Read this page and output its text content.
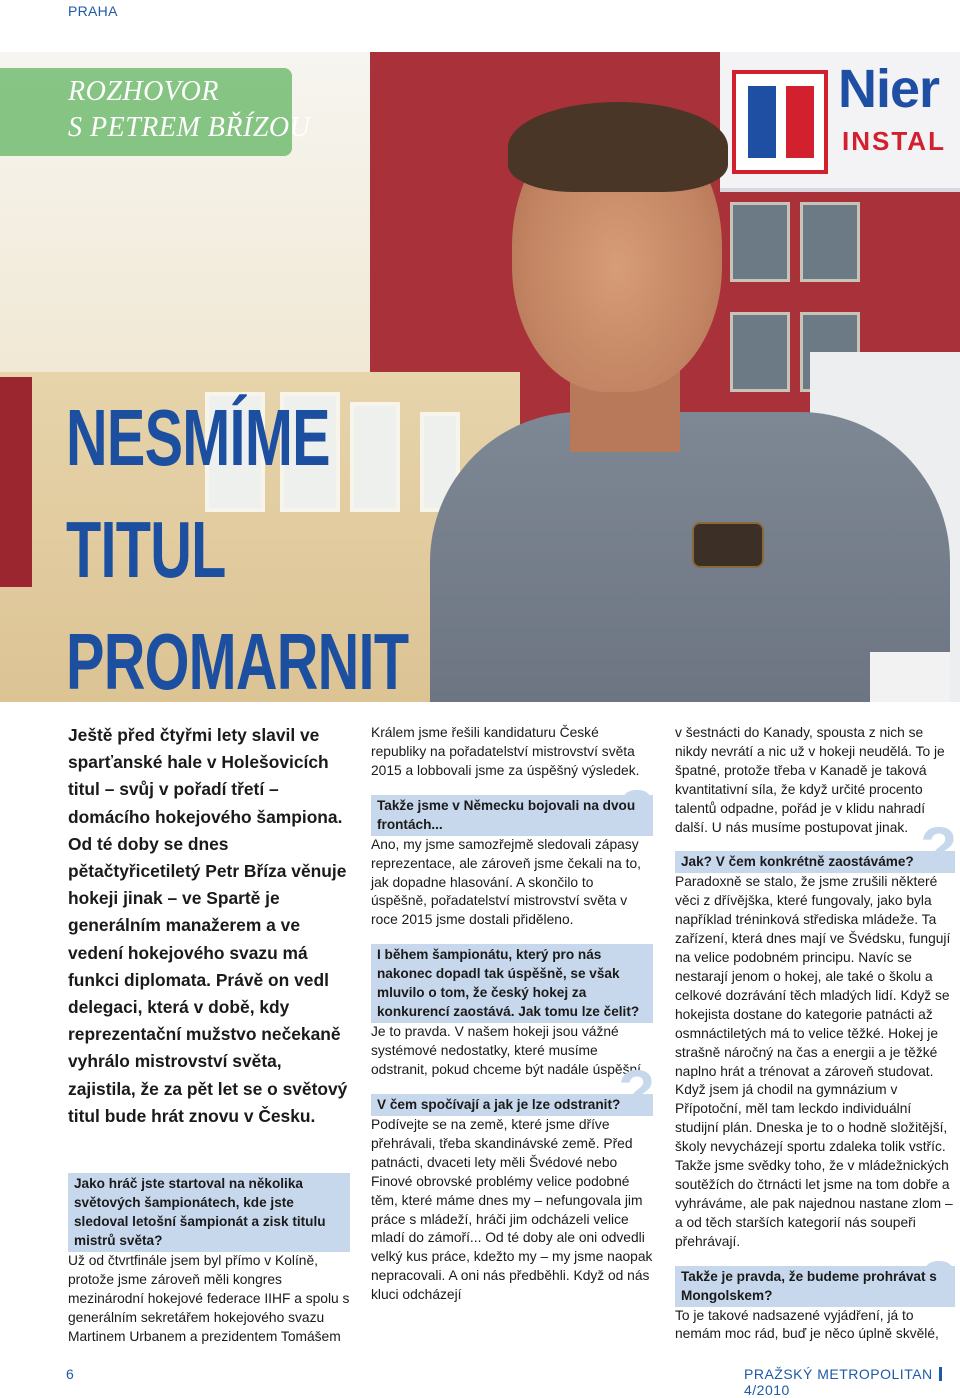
PRAHA
Nier
INSTAL
ROZHOVOR
S PETREM BŘÍZOU
NESMÍME
TITUL
PROMARNIT
Ještě před čtyřmi lety slavil ve sparťanské hale v Holešovicích titul – svůj v pořadí třetí – domácího hokejového šampiona. Od té doby se dnes pětačtyřicetiletý Petr Bříza věnuje hokeji jinak – ve Spartě je generálním manažerem a ve vedení hokejového svazu má funkci diplomata. Právě on vedl delegaci, která v době, kdy reprezentační mužstvo nečekaně vyhrálo mistrovství světa, zajistila, že za pět let se o světový titul bude hrát znovu v Česku.
Jako hráč jste startoval na několika světových šampionátech, kde jste sledoval letošní šampionát a zisk titulu mistrů světa?	?

Už od čtvrtfinále jsem byl přímo v Kolíně, protože jsme zároveň měli kongres mezinárodní hokejové federace IIHF a spolu s generálním sekretářem hokejového svazu Martinem Urbanem a prezidentem Tomášem

Králem jsme řešili kandidaturu České republiky na pořadatelství mistrovství světa 2015 a lobbovali jsme za úspěšný výsledek.

Takže jsme v Německu bojovali na dvou frontách...	?

Ano, my jsme samozřejmě sledovali zápasy reprezentace, ale zároveň jsme čekali na to, jak dopadne hlasování. A skončilo to úspěšně, pořadatelství mistrovství světa v roce 2015 jsme dostali přiděleno.

I během šampionátu, který pro nás nakonec dopadl tak úspěšně, se však mluvilo o tom, že český hokej za konkurencí zaostává. Jak tomu lze čelit?
?

Je to pravda. V našem hokeji jsou vážné systémové nedostatky, které musíme odstranit, pokud chceme být nadále úspěšní.

V čem spočívají a jak je lze odstranit?
?

Podívejte se na země, které jsme dříve přehrávali, třeba skandinávské země. Před patnácti, dvaceti lety měli Švédové nebo Finové obrovské problémy velice podobné těm, které máme dnes my – nefungovala jim práce s mládeží, hráči jim odcházeli velice mladí do zámoří... Od té doby ale oni odvedli velký kus práce, kdežto my – my jsme naopak nepracovali. A oni nás předběhli. Když od nás kluci odcházejí

v šestnácti do Kanady, spousta z nich se nikdy nevrátí a nic už v hokeji neudělá. To je špatné, protože třeba v Kanadě je taková kvantitativní síla, že když určité procento talentů odpadne, pořád je v klidu nahradí další. U nás musíme postupovat jinak.

Jak? V čem konkrétně zaostáváme? ?

Paradoxně se stalo, že jsme zrušili některé věci z dřívějška, které fungovaly, jako byla například tréninková střediska mládeže. Ta zařízení, která dnes mají ve Švédsku, fungují na velice podobném principu. Navíc se nestarají jenom o hokej, ale také o školu a celkové dozrávání těch mladých lidí. Když se hokejista dostane do kategorie patnácti až osmnáctiletých má to velice těžké. Hokej je strašně náročný na čas a energii a je těžké naplno hrát a trénovat a zároveň studovat. Když jsem já chodil na gymnázium v Přípotoční, měl tam leckdo individuální studijní plán. Dneska je to o hodně složitější, školy nevycházejí sportu zdaleka tolik vstříc. Takže jsme svědky toho, že v mládežnických soutěžích do čtrnácti let jsme na tom dobře a vyhráváme, ale pak najednou nastane zlom – a od těch starších kategorií nás soupeři přehrávají.

Takže je pravda, že budeme prohrávat s Mongolskem? ?

To je takové nadsazené vyjádření, já to nemám moc rád, buď je něco úplně skvělé,

6	PRAŽSKÝ METROPOLITAN4/2010
